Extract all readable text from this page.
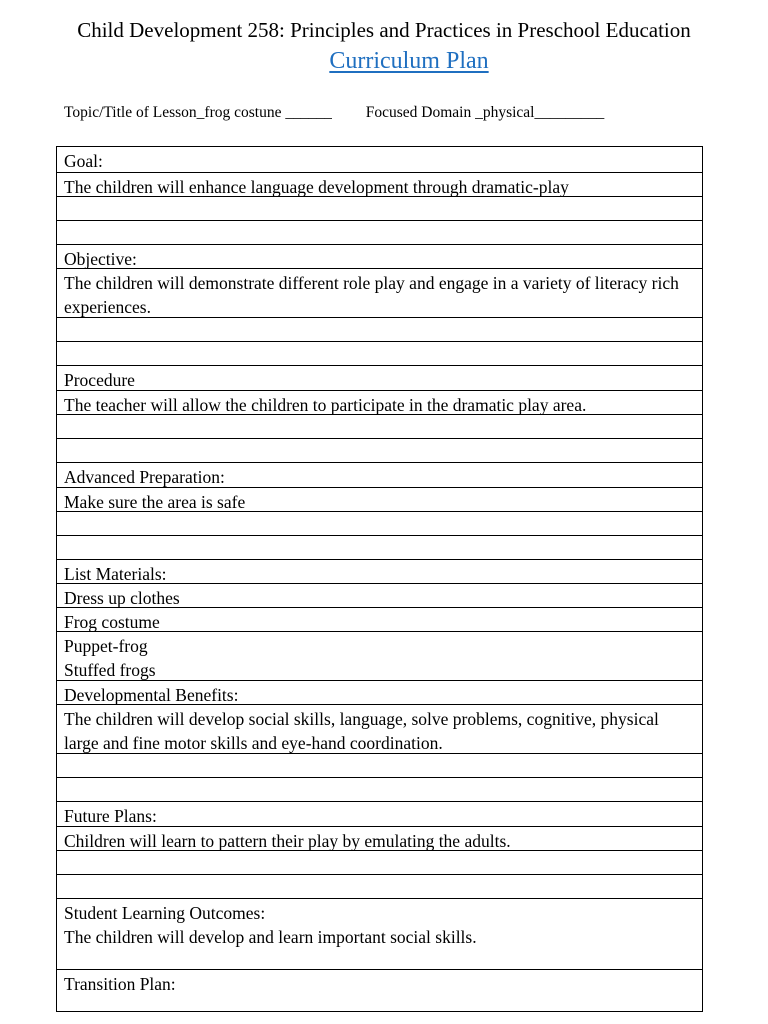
Child Development 258: Principles and Practices in Preschool Education
Curriculum Plan
Topic/Title of Lesson_frog costune ______ Focused Domain _physical_________
Goal:
The children will enhance language development through dramatic-play
Objective:
The children will demonstrate different role play and engage in a variety of literacy rich experiences.
Procedure
The teacher will allow the children to participate in the dramatic play area.
Advanced Preparation:
Make sure the area is safe
List Materials:
Dress up clothes
Frog costume
Puppet-frog
Stuffed frogs
Developmental Benefits:
The children will develop social skills, language, solve problems, cognitive, physical large and fine motor skills and eye-hand coordination.
Future Plans:
Children will learn to pattern their play by emulating the adults.
Student Learning Outcomes:
The children will develop and learn important social skills.
Transition Plan:
